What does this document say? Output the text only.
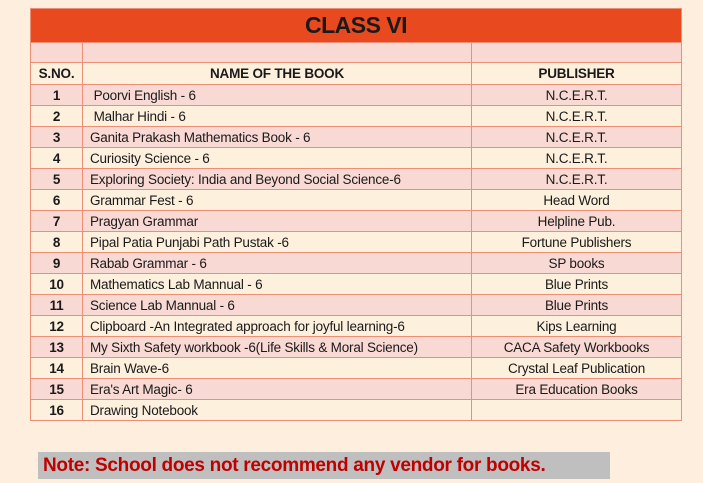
CLASS VI		

S.NO.	NAME OF THE BOOK	PUBLISHER
1	Poorvi English - 6	N.C.E.R.T.
2	Malhar Hindi - 6	N.C.E.R.T.
3	Ganita Prakash Mathematics Book - 6	N.C.E.R.T.
4	Curiosity Science - 6	N.C.E.R.T.
5	Exploring Society: India and Beyond Social Science-6	N.C.E.R.T.
6	Grammar Fest - 6	Head Word
7	Pragyan Grammar	Helpline Pub.
8	Pipal Patia Punjabi Path Pustak -6	Fortune Publishers
9	Rabab Grammar - 6	SP books
10	Mathematics Lab Mannual - 6	Blue Prints
11	Science Lab Mannual - 6	Blue Prints
12	Clipboard -An Integrated approach for joyful learning-6	Kips Learning
13	My Sixth Safety workbook -6(Life Skills & Moral Science)	CACA Safety Workbooks
14	Brain Wave-6	Crystal Leaf Publication
15	Era's Art Magic- 6	Era Education Books
16	Drawing Notebook	
Note: School does not recommend any vendor for books.
